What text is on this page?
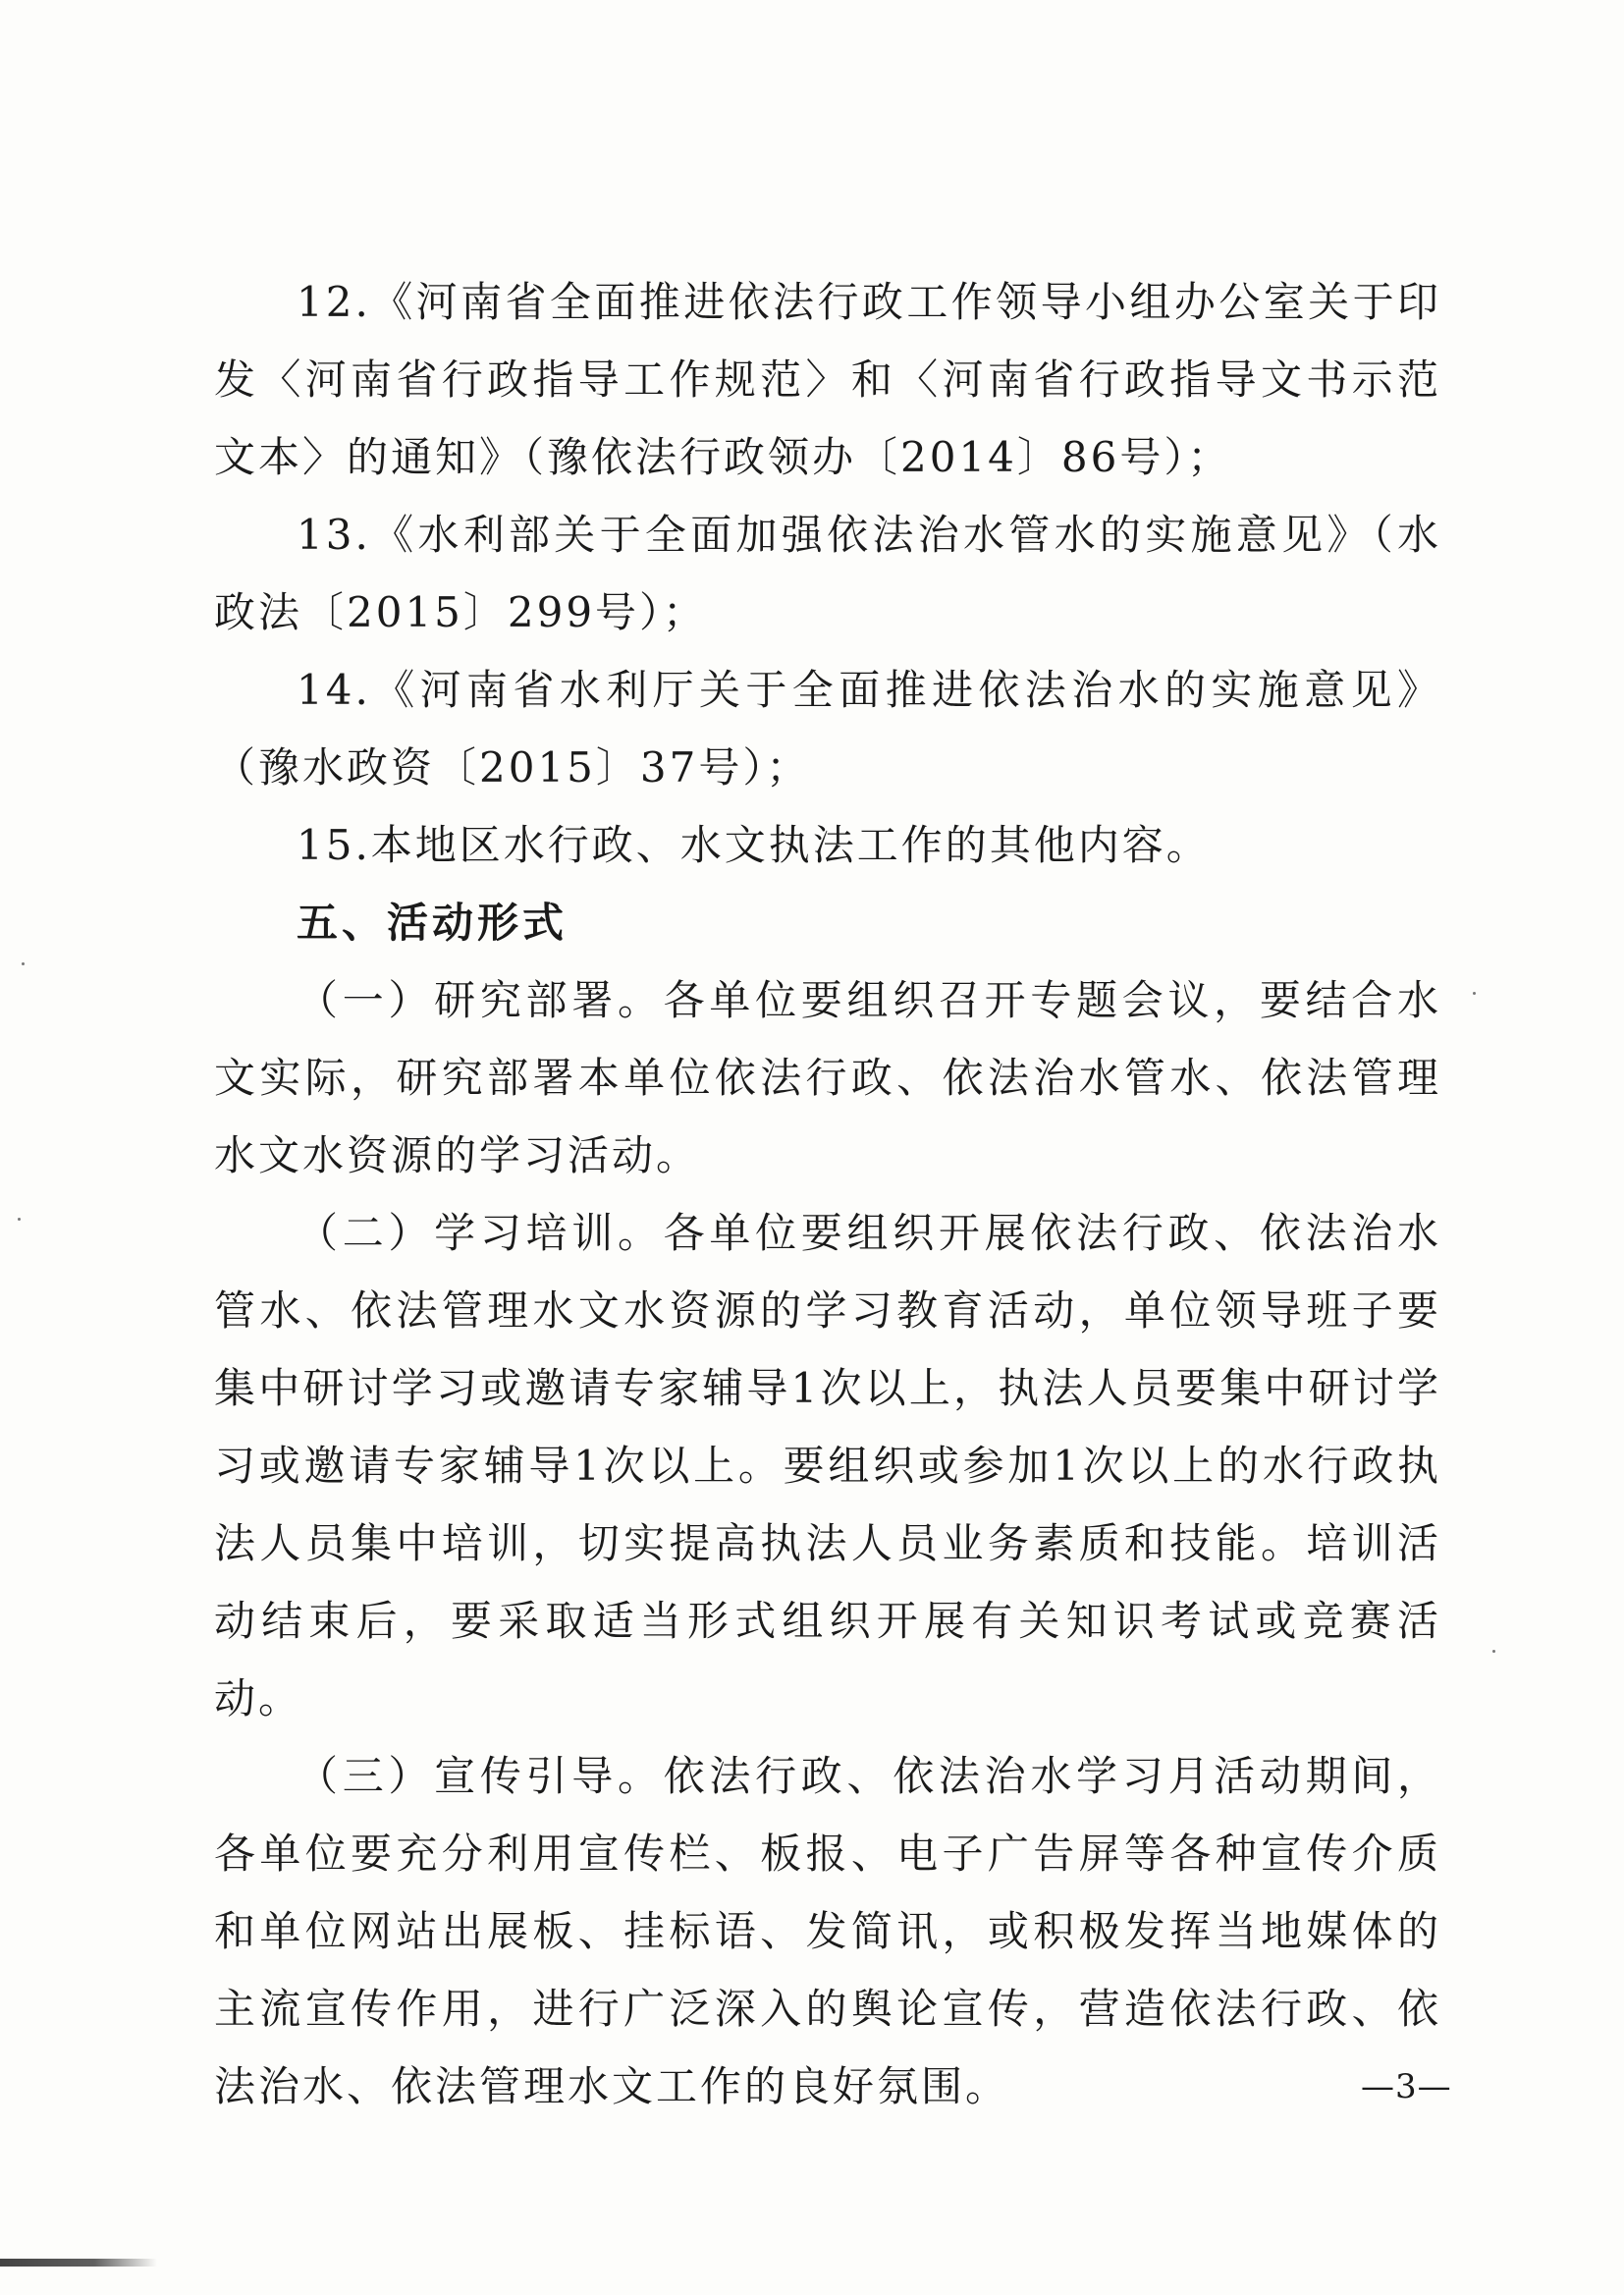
12.《河南省全面推进依法行政工作领导小组办公室关于印发〈河南省行政指导工作规范〉和〈河南省行政指导文书示范文本〉的通知》（豫依法行政领办〔2014〕86号）；

13.《水利部关于全面加强依法治水管水的实施意见》（水政法〔2015〕299号）；

14.《河南省水利厅关于全面推进依法治水的实施意见》（豫水政资〔2015〕37号）；

15.本地区水行政、水文执法工作的其他内容。

五、活动形式

（一）研究部署。各单位要组织召开专题会议，要结合水文实际，研究部署本单位依法行政、依法治水管水、依法管理水文水资源的学习活动。

（二）学习培训。各单位要组织开展依法行政、依法治水管水、依法管理水文水资源的学习教育活动，单位领导班子要集中研讨学习或邀请专家辅导1次以上，执法人员要集中研讨学习或邀请专家辅导1次以上。要组织或参加1次以上的水行政执法人员集中培训，切实提高执法人员业务素质和技能。培训活动结束后，要采取适当形式组织开展有关知识考试或竞赛活动。

（三）宣传引导。依法行政、依法治水学习月活动期间，各单位要充分利用宣传栏、板报、电子广告屏等各种宣传介质和单位网站出展板、挂标语、发简讯，或积极发挥当地媒体的主流宣传作用，进行广泛深入的舆论宣传，营造依法行政、依法治水、依法管理水文工作的良好氛围。	—3—
